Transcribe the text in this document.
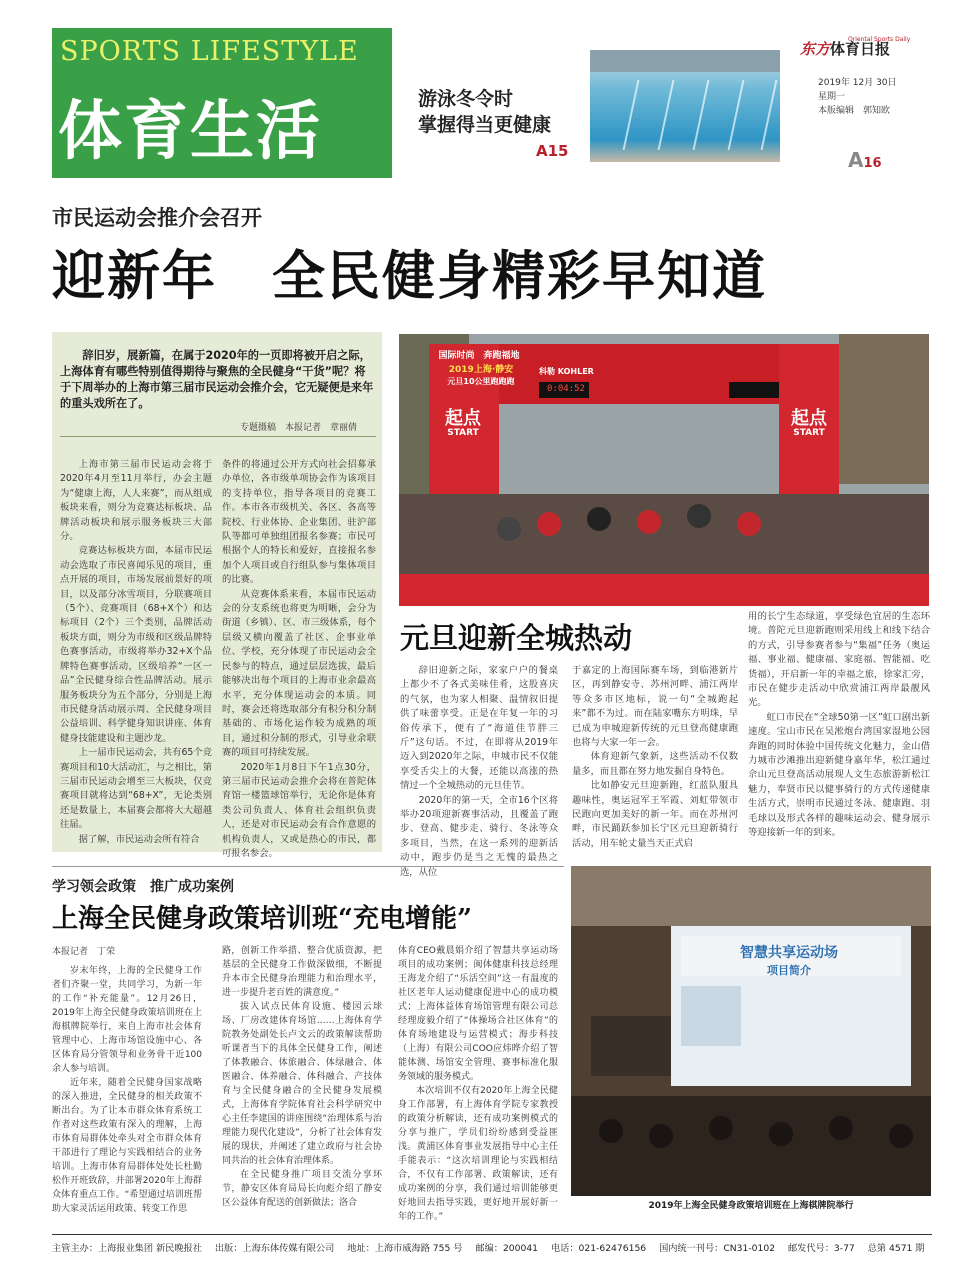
SPORTS LIFESTYLE
体育生活	游泳冬令时
掌握得当更健康
A15
东方体育日报
Oriental Sports Daily
2019年 12月 30日
星期一
本版编辑　郭知欧
A16
市民运动会推介会召开
迎新年　全民健身精彩早知道
辞旧岁，展新篇，在属于2020年的一页即将被开启之际，上海体育有哪些特别值得期待与聚焦的全民健身“干货”呢？将于下周举办的上海市第三届市民运动会推介会，它无疑便是来年的重头戏所在了。
专题摄稿　本报记者　章丽倩

上海市第三届市民运动会将于2020年4月至11月举行，办会主题为“健康上海，人人来赛”，而从组成板块来看，则分为竞赛达标板块、品牌活动板块和展示服务板块三大部分。

竞赛达标板块方面，本届市民运动会选取了市民喜闻乐见的项目，重点开展的项目，市场发展前景好的项目，以及部分冰雪项目，分联赛项目（5个）、竞赛项目（68+X个）和达标项目（2个）三个类别，品牌活动板块方面，则分为市级和区级品牌特色赛事活动，市级将举办32+X个品牌特色赛事活动，区级培养“一区一品”全民健身综合性品牌活动。展示服务板块分为五个部分，分别是上海市民健身活动展示周、全民健身项目公益培训、科学健身知识讲座、体育健身技能建设和主题沙龙。

上一届市民运动会，共有65个竞赛项目和10大活动汇，与之相比，第三届市民运动会增至三大板块，仅竞赛项目就将达到“68+X”，无论类别还是数量上，本届赛会都将大大超越往届。

据了解，市民运动会所有符合

条件的将通过公开方式向社会招募承办单位，各市级单项协会作为该项目的支持单位，指导各项目的竞赛工作。本市各市级机关、各区、各高等院校、行业体协、企业集团、驻沪部队等都可单独组团报名参赛；市民可根据个人的特长和爱好，直接报名参加个人项目或自行组队参与集体项目的比赛。

从竞赛体系来看，本届市民运动会的分支系统也将更为明晰，会分为街道（乡镇）、区、市三级体系，每个层级又横向覆盖了社区、企事业单位、学校，充分体现了市民运动会全民参与的特点，通过层层选拔，最后能够决出每个项目的上海市业余最高水平，充分体现运动会的本质。同时，赛会还将选取部分有积分积分制基础的、市场化运作较为成熟的项目，通过积分制的形式，引导业余联赛的项目可持续发展。

2020年1月8日下午1点30分，第三届市民运动会推介会将在普陀体育馆一楼篮球馆举行，无论你是体育类公司负责人、体育社会组织负责人，还是对市民运动会有合作意愿的机构负责人，又或是热心的市民，都可报名参会。

国际时尚　奔跑福地
2019上海·静安
元旦10公里跑跑跑
0:04:52
科勒 KOHLER
起点
START
起点
START
元旦迎新全城热动

辞旧迎新之际，家家户户的餐桌上都少不了各式美味佳肴，这股喜庆的气氛，也为家人相聚、温情叙旧提供了味蕾享受。正是在年复一年的习俗传承下，便有了“海道佳节胖三斤”这句话。不过，在即将从2019年迈入到2020年之际，申城市民不仅能享受舌尖上的大餐，还能以高涨的热情过一个全城热动的元旦佳节。

2020年的第一天，全市16个区将举办20项迎新赛事活动，且覆盖了跑步、登高、健步走、骑行、冬泳等众多项目，当然，在这一系列的迎新活动中，跑步仍是当之无愧的最热之选，从位

于嘉定的上海国际赛车场，到临港新片区，再到静安寺、苏州河畔、浦江两岸等众多市区地标，说一句“全城跑起来”都不为过。而在陆家嘴东方明珠，早已成为申城迎新传统的元旦登高健康跑也将与大家一年一会。

体育迎新气象新，这些活动不仅数量多，而且都在努力地发掘自身特色。

比如静安元旦迎新跑，红蓝队服具趣味性，奥运冠军王军霞、刘虹带领市民跑向更加美好的新一年。而在苏州河畔，市民踊跃参加长宁区元旦迎新骑行活动，用车轮丈量当天正式启

用的长宁生态绿道，享受绿色宜居的生态环境。普陀元旦迎新跑则采用线上和线下结合的方式，引导参赛者参与“集福”任务（奥运福、事业福、健康福、家庭福、智能福、吃货福），开启新一年的幸福之旅，徐家汇旁，市民在健步走活动中欣赏浦江两岸最靓风光。

虹口市民在“全球50第一区”虹口剧出新速度。宝山市民在吴淞炮台湾国家湿地公园奔跑的同时体验中国传统文化魅力，金山借力城市沙滩推出迎新健身嘉年华，松江通过佘山元旦登高活动展现人文生态旅游新松江魅力，奉贤市民以健事骑行的方式传递健康生活方式，崇明市民通过冬泳、健康跑、羽毛球以及形式各样的趣味运动会、健身展示等迎接新一年的到来。

学习领会政策　推广成功案例
上海全民健身政策培训班“充电增能”
本报记者　丁荣

岁末年终，上海的全民健身工作者们齐聚一堂，共同学习，为新一年的工作“补充能量”。12月26日，2019年上海全民健身政策培训班在上海棋牌院举行，来自上海市社会体育管理中心、上海市场馆设施中心、各区体育局分管领导和业务骨干近100余人参与培训。

近年来，随着全民健身国家战略的深入推进，全民健身的相关政策不断出台。为了让本市群众体育系统工作者对这些政策有深入的理解，上海市体育局群体处牵头对全市群众体育干部进行了理论与实践相结合的业务培训。上海市体育局群体处处长杜勤松作开班致辞，并部署2020年上海群众体育重点工作。“希望通过培训班帮助大家灵活运用政策、转变工作思

路，创新工作举措、整合优质资源，把基层的全民健身工作做深做细，不断提升本市全民健身治理能力和治理水平，进一步提升老百姓的满意度。”

拔入试点民体育设施、楼园云球场、厂房改建体育场馆……上海体育学院教务处副处长卢文云的政策解读帮助听课者当下的具体全民健身工作，阐述了体教融合、体旅融合、体绿融合、体医融合、体养融合、体科融合、产技体育与全民健身融合的全民健身发展模式，上海体育学院体育社会科学研究中心主任李建国的讲座围绕“治理体系与治理能力现代化建设”，分析了社会体育发展的现状，并阐述了建立政府与社会协同共治的社会体育治理体系。

在全民健身推广项目交流分享环节，静安区体育局局长向彪介绍了静安区公益体育配送的创新做法；洛合

体育CEO戴晨娟介绍了智慧共享运动场项目的成功案例；闽体健康科技总经理王海龙介绍了“乐活空间”这一有温度的社区老年人运动健康促进中心的成功模式；上海体益体育场馆管理有限公司总经理庞毅介绍了“体操场合社区体育”的体育场地建设与运营模式；海步科技（上海）有限公司COO应炜晔介绍了智能体测、场馆安全管理、赛事标准化服务领域的服务模式。

本次培训不仅有2020年上海全民健身工作部署，有上海体育学院专家教授的政策分析解读，还有成功案例模式的分享与推广，学员们纷纷感到受益匪浅。黄浦区体育事业发展指导中心主任手能表示：“这次培训理论与实践相结合，不仅有工作部署、政策解读，还有成功案例的分享，我们通过培训能够更好地回去指导实践，更好地开展好新一年的工作。”

智慧共享运动场
项目简介
2019年上海全民健身政策培训班在上海棋牌院举行
主管主办：上海报业集团 新民晚报社 出版：上海东体传媒有限公司 地址：上海市威海路 755 号 邮编：200041 电话：021-62476156 国内统一刊号：CN31-0102 邮发代号：3-77 总第 4571 期
